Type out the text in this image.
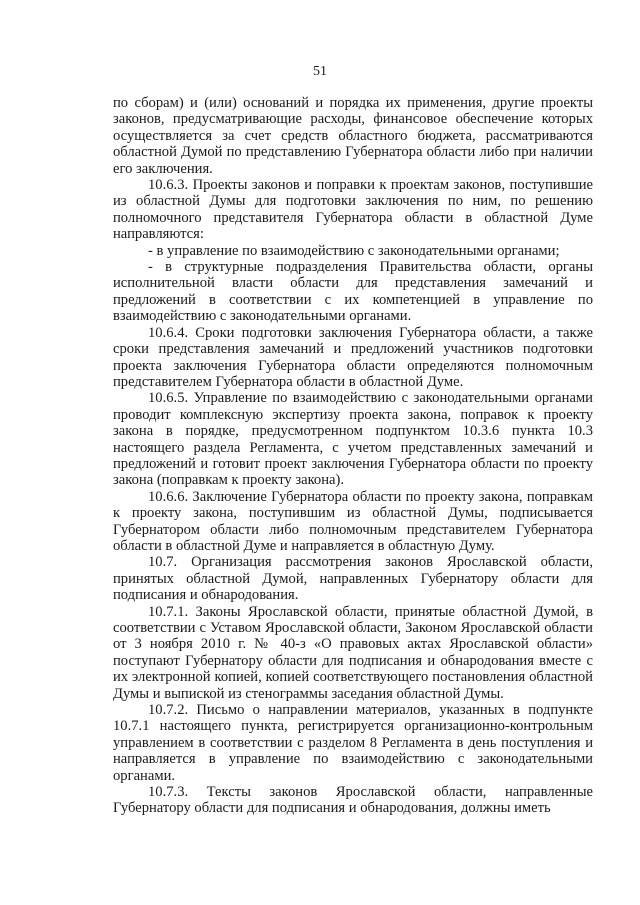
51

по сборам) и (или) оснований и порядка их применения, другие проекты законов, предусматривающие расходы, финансовое обеспечение которых осуществляется за счет средств областного бюджета, рассматриваются областной Думой по представлению Губернатора области либо при наличии его заключения.

10.6.3. Проекты законов и поправки к проектам законов, поступившие из областной Думы для подготовки заключения по ним, по решению полномочного представителя Губернатора области в областной Думе направляются:

- в управление по взаимодействию с законодательными органами;

- в структурные подразделения Правительства области, органы исполнительной власти области для представления замечаний и предложений в соответствии с их компетенцией в управление по взаимодействию с законодательными органами.

10.6.4. Сроки подготовки заключения Губернатора области, а также сроки представления замечаний и предложений участников подготовки проекта заключения Губернатора области определяются полномочным представителем Губернатора области в областной Думе.

10.6.5. Управление по взаимодействию с законодательными органами проводит комплексную экспертизу проекта закона, поправок к проекту закона в порядке, предусмотренном подпунктом 10.3.6 пункта 10.3 настоящего раздела Регламента, с учетом представленных замечаний и предложений и готовит проект заключения Губернатора области по проекту закона (поправкам к проекту закона).

10.6.6. Заключение Губернатора области по проекту закона, поправкам к проекту закона, поступившим из областной Думы, подписывается Губернатором области либо полномочным представителем Губернатора области в областной Думе и направляется в областную Думу.

10.7. Организация рассмотрения законов Ярославской области, принятых областной Думой, направленных Губернатору области для подписания и обнародования.

10.7.1. Законы Ярославской области, принятые областной Думой, в соответствии с Уставом Ярославской области, Законом Ярославской области от 3 ноября 2010 г. № 40-з «О правовых актах Ярославской области» поступают Губернатору области для подписания и обнародования вместе с их электронной копией, копией соответствующего постановления областной Думы и выпиской из стенограммы заседания областной Думы.

10.7.2. Письмо о направлении материалов, указанных в подпункте 10.7.1 настоящего пункта, регистрируется организационно-контрольным управлением в соответствии с разделом 8 Регламента в день поступления и направляется в управление по взаимодействию с законодательными органами.

10.7.3. Тексты законов Ярославской области, направленные Губернатору области для подписания и обнародования, должны иметь
